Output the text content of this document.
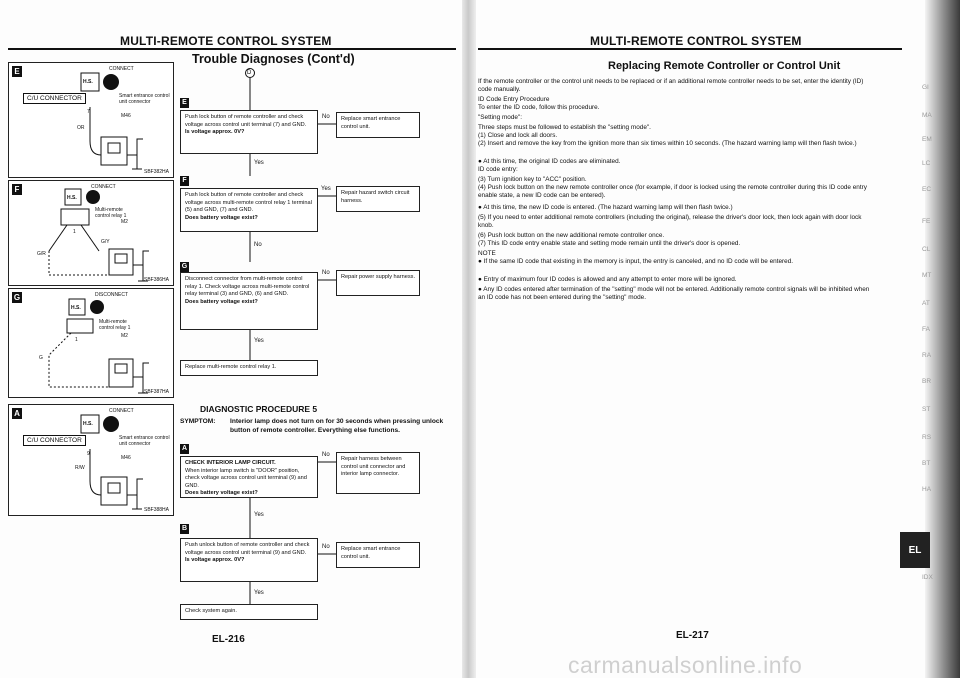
MULTI-REMOTE CONTROL SYSTEM
Trouble Diagnoses (Cont'd)
E	CONNECT
H.S.
C/U CONNECTOR	Smart entrance control unit connector
M46
7
OR
SBF382HA
F	CONNECT
H.S.
Multi-remote control relay 1
M2
1
G/R
G/Y
SBF386HA
G	DISCONNECT
H.S.
Multi-remote control relay 1
M2
1
G
SBF387HA
A	CONNECT
H.S.
C/U CONNECTOR	Smart entrance control unit connector
M46
9
R/W
SBF388HA
D
E
Push lock button of remote controller and check voltage across control unit terminal (7) and GND.
Is voltage approx. 0V?
No
Yes
Replace smart entrance control unit.
F
Push lock button of remote controller and check voltage across multi-remote control relay 1 terminal (5) and GND, (7) and GND.
Does battery voltage exist?
Yes
No
Repair hazard switch circuit harness.
G
Disconnect connector from multi-remote control relay 1. Check voltage across multi-remote control relay terminal (3) and GND, (6) and GND.
Does battery voltage exist?
No
Yes
Repair power supply harness.
Replace multi-remote control relay 1.
DIAGNOSTIC PROCEDURE 5
SYMPTOM:	Interior lamp does not turn on for 30 seconds when pressing unlock button of remote controller. Everything else functions.
A
CHECK INTERIOR LAMP CIRCUIT.
When interior lamp switch is "DOOR" position, check voltage across control unit terminal (9) and GND.
Does battery voltage exist?
No
Yes
Repair harness between control unit connector and interior lamp connector.
B
Push unlock button of remote controller and check voltage across control unit terminal (9) and GND.
Is voltage approx. 0V?
No
Yes
Replace smart entrance control unit.
Check system again.
EL-216
MULTI-REMOTE CONTROL SYSTEM
Replacing Remote Controller or Control Unit
If the remote controller or the control unit needs to be replaced or if an additional remote controller needs to be set, enter the identity (ID) code manually.
ID Code Entry Procedure
To enter the ID code, follow this procedure.
"Setting mode":
Three steps must be followed to establish the "setting mode".
(1) Close and lock all doors.
(2) Insert and remove the key from the ignition more than six times within 10 seconds. (The hazard warning lamp will then flash twice.)
● At this time, the original ID codes are eliminated.
ID code entry:
(3) Turn ignition key to "ACC" position.
(4) Push lock button on the new remote controller once (for example, if door is locked using the remote controller during this ID code entry enable state, a new ID code can be entered).
● At this time, the new ID code is entered. (The hazard warning lamp will then flash twice.)
(5) If you need to enter additional remote controllers (including the original), release the driver's door lock, then lock again with door lock knob.
(6) Push lock button on the new additional remote controller once.
(7) This ID code entry enable state and setting mode remain until the driver's door is opened.
NOTE
● If the same ID code that existing in the memory is input, the entry is canceled, and no ID code will be entered.
● Entry of maximum four ID codes is allowed and any attempt to enter more will be ignored.
● Any ID codes entered after termination of the "setting" mode will not be entered. Additionally remote control signals will be inhibited when an ID code has not been entered during the "setting" mode.
GI
MA
EM
LC
EC
FE
CL
MT
AT
FA
RA
BR
ST
RS
BT
HA
EL
IDX
EL-217
carmanualsonline.info
